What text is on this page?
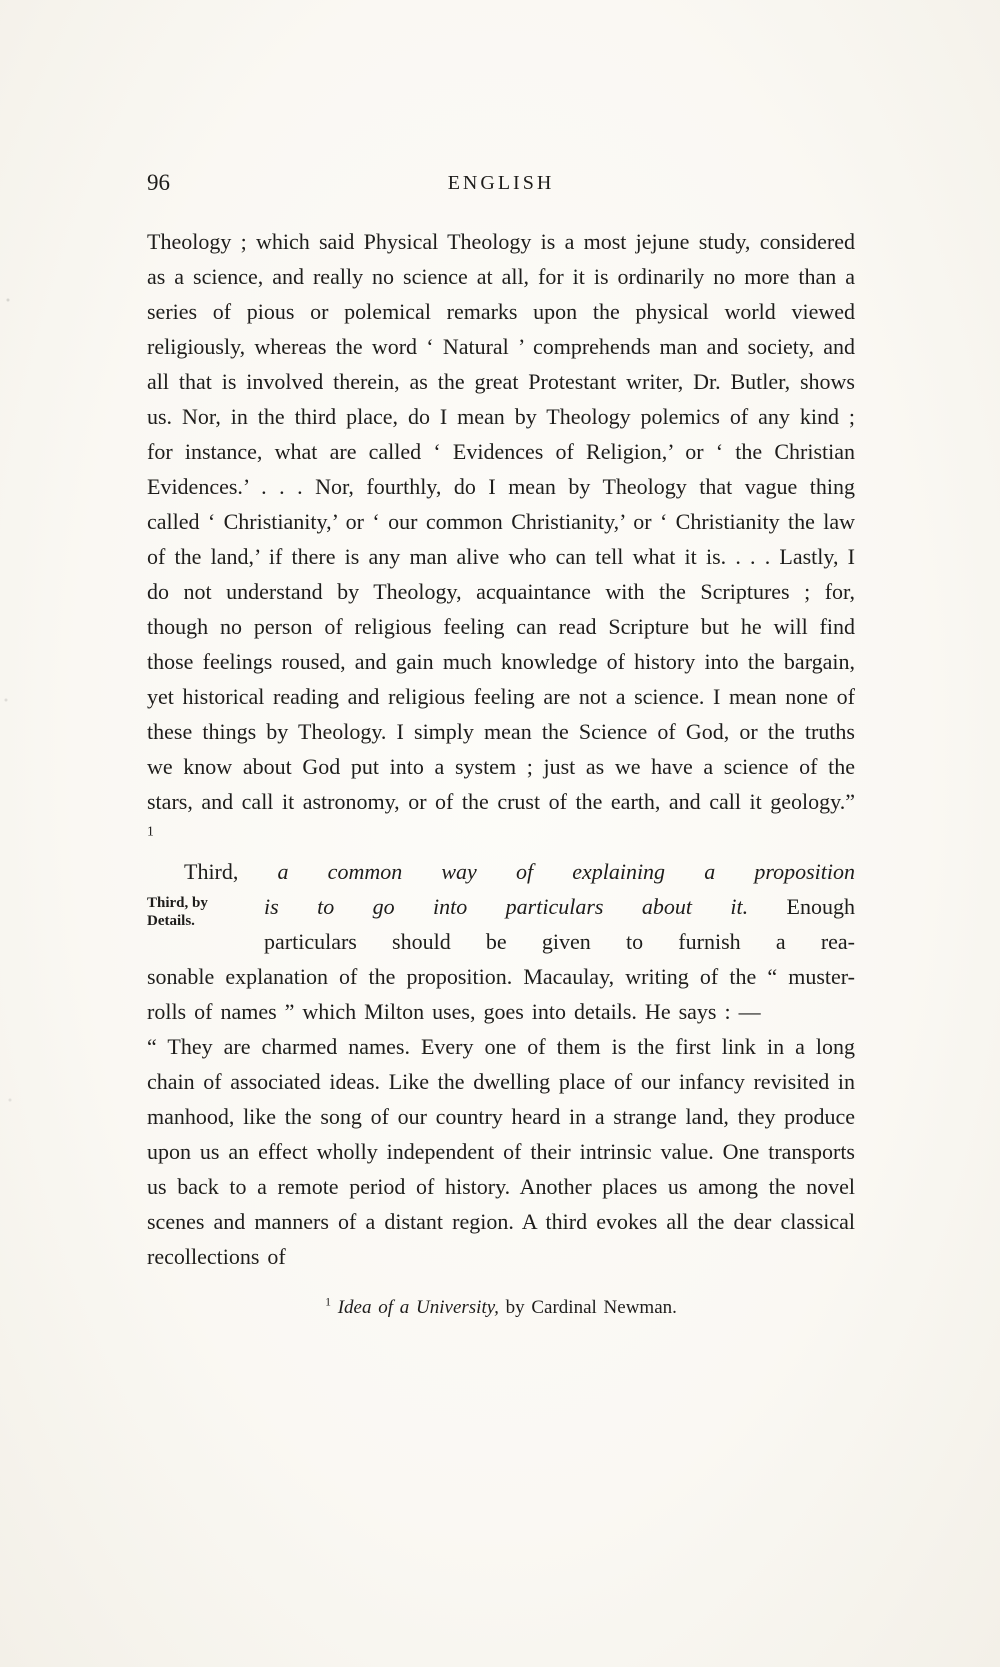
96	ENGLISH

Theology ; which said Physical Theology is a most jejune study, considered as a science, and really no science at all, for it is ordinarily no more than a series of pious or polemical remarks upon the physical world viewed religiously, whereas the word ‘ Natural ’ comprehends man and society, and all that is involved therein, as the great Protestant writer, Dr. Butler, shows us. Nor, in the third place, do I mean by Theology polemics of any kind ; for instance, what are called ‘ Evidences of Religion,’ or ‘ the Christian Evidences.’ . . . Nor, fourthly, do I mean by Theology that vague thing called ‘ Christianity,’ or ‘ our common Christianity,’ or ‘ Christianity the law of the land,’ if there is any man alive who can tell what it is. . . . Lastly, I do not understand by Theology, acquaintance with the Scriptures ; for, though no person of religious feeling can read Scripture but he will find those feelings roused, and gain much knowledge of history into the bargain, yet historical reading and religious feeling are not a science. I mean none of these things by Theology. I simply mean the Science of God, or the truths we know about God put into a system ; just as we have a science of the stars, and call it astronomy, or of the crust of the earth, and call it geology.” $^1$

Third, by
Details.
Third, a common way of explaining a proposition
is to go into particulars about it. Enough
particulars should be given to furnish a rea-
sonable explanation of the proposition. Macaulay, writing of the “ muster-rolls of names ” which Milton uses, goes into details. He says : —

“ They are charmed names. Every one of them is the first link in a long chain of associated ideas. Like the dwelling place of our infancy revisited in manhood, like the song of our country heard in a strange land, they produce upon us an effect wholly independent of their intrinsic value. One transports us back to a remote period of history. Another places us among the novel scenes and manners of a distant region. A third evokes all the dear classical recollections of

$^1$ Idea of a University, by Cardinal Newman.
